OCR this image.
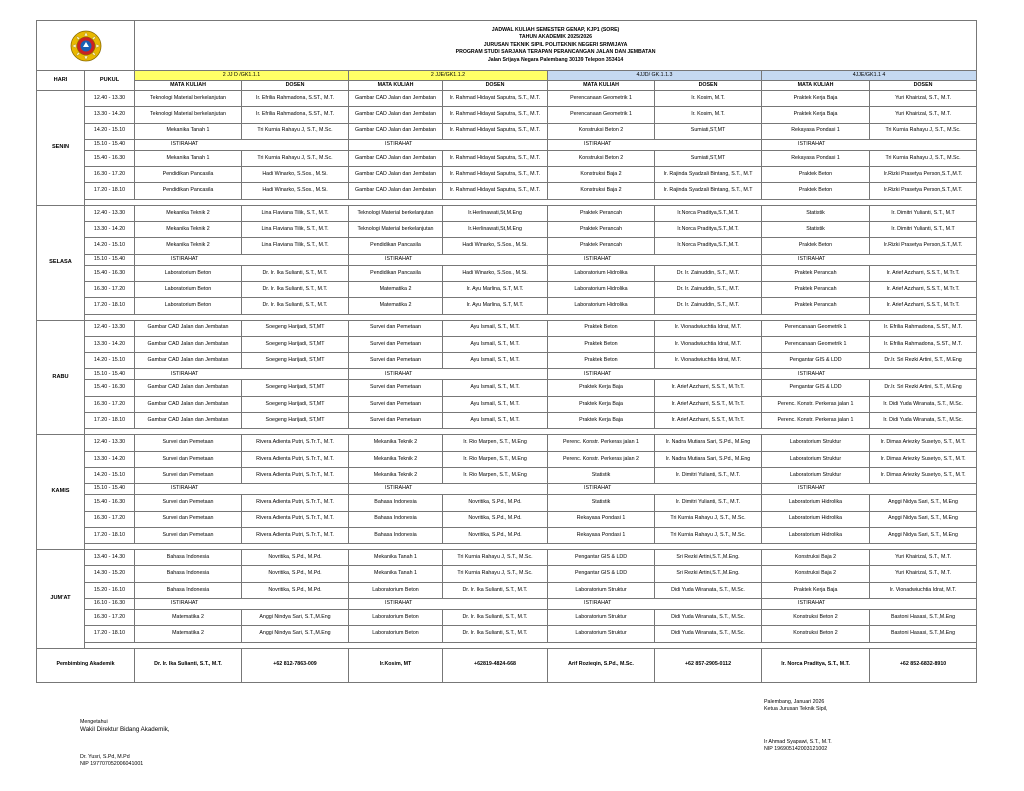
JADWAL KULIAH SEMESTER GENAP, KJP1 (SORE)
TAHUN AKADEMIK 2025/2026
JURUSAN TEKNIK SIPIL POLITEKNIK NEGERI SRIWIJAYA
PROGRAM STUDI SARJANA TERAPAN PERANCANGAN JALAN DAN JEMBATAN
Jalan Srijaya Negara Palembang 30139 Telepon 353414							

HARI	PUKUL	2 JJ D /GK1.1.1		2 JJE/GK1.1.2		4JJD/ GK.1.1.3		4JJE/GK1.1 4	
		MATA KULIAH	DOSEN	MATA KULIAH	DOSEN	MATA KULIAH	DOSEN	MATA KULIAH	DOSEN
SENIN	12.40 - 13.30	Teknologi Material berkelanjutan	Ir. Efrilia Rahmadona, S.ST., M.T.	Gambar CAD Jalan dan Jembatan	Ir. Rahmad Hidayat Saputra, S.T., M.T.	Perencanaan Geometrik 1	Ir. Kosim, M.T.	Praktek Kerja Baja	Yuri Khairizal, S.T., M.T.
	13.30 - 14.20	Teknologi Material berkelanjutan	Ir. Efrilia Rahmadona, S.ST., M.T.	Gambar CAD Jalan dan Jembatan	Ir. Rahmad Hidayat Saputra, S.T., M.T.	Perencanaan Geometrik 1	Ir. Kosim, M.T.	Praktek Kerja Baja	Yuri Khairizal, S.T., M.T.
	14.20 - 15.10	Mekanika Tanah 1	Tri Kurnia Rahayu J, S.T., M.Sc.	Gambar CAD Jalan dan Jembatan	Ir. Rahmad Hidayat Saputra, S.T., M.T.	Konstruksi Beton 2	Sumiati,ST,MT	Rekayasa Pondasi 1	Tri Kurnia Rahayu J, S.T., M.Sc.
	15.10 - 15.40	ISTIRAHAT		ISTIRAHAT		ISTIRAHAT		ISTIRAHAT	
	15.40 - 16.30	Mekanika Tanah 1	Tri Kurnia Rahayu J, S.T., M.Sc.	Gambar CAD Jalan dan Jembatan	Ir. Rahmad Hidayat Saputra, S.T., M.T.	Konstruksi Beton 2	Sumiati,ST,MT	Rekayasa Pondasi 1	Tri Kurnia Rahayu J, S.T., M.Sc.
	16.30 - 17.20	Pendidikan Pancasila	Hadi Winarko, S.Sos., M.Si.	Gambar CAD Jalan dan Jembatan	Ir. Rahmad Hidayat Saputra, S.T., M.T.	Konstruksi Baja 2	Ir. Rajinda Syadzali Bintang, S.T., M.T	Praktek Beton	Ir.Rizki Prasetya Person,S.T.,M.T.
	17.20 - 18.10	Pendidikan Pancasila	Hadi Winarko, S.Sos., M.Si.	Gambar CAD Jalan dan Jembatan	Ir. Rahmad Hidayat Saputra, S.T., M.T.	Konstruksi Baja 2	Ir. Rajinda Syadzali Bintang, S.T., M.T	Praktek Beton	Ir.Rizki Prasetya Person,S.T.,M.T.

SELASA	12.40 - 13.30	Mekanika Teknik 2	Lina Flaviana Tilik, S.T., M.T.	Teknologi Material berkelanjutan	Ir.Herlinawati,St,M.Eng	Praktek Perancah	Ir.Norca Praditya,S.T.,M.T.	Statistik	Ir. Dimitri Yulianti, S.T., M.T
	13.30 - 14.20	Mekanika Teknik 2	Lina Flaviana Tilik, S.T., M.T.	Teknologi Material berkelanjutan	Ir.Herlinawati,St,M.Eng	Praktek Perancah	Ir.Norca Praditya,S.T.,M.T.	Statistik	Ir. Dimitri Yulianti, S.T., M.T
	14.20 - 15.10	Mekanika Teknik 2	Lina Flaviana Tilik, S.T., M.T.	Pendidikan Pancasila	Hadi Winarko, S.Sos., M.Si.	Praktek Perancah	Ir.Norca Praditya,S.T.,M.T.	Praktek Beton	Ir.Rizki Prasetya Person,S.T.,M.T.
	15.10 - 15.40	ISTIRAHAT		ISTIRAHAT		ISTIRAHAT		ISTIRAHAT	
	15.40 - 16.30	Laboratorium Beton	Dr. Ir. Ika Sulianti, S.T., M.T.	Pendidikan Pancasila	Hadi Winarko, S.Sos., M.Si.	Laboratorium Hidrolika	Dr. Ir. Zainuddin, S.T., M.T.	Praktek Perancah	Ir. Arief Azzharri, S.S.T., M.Tr.T.
	16.30 - 17.20	Laboratorium Beton	Dr. Ir. Ika Sulianti, S.T., M.T.	Matematika 2	Ir. Ayu Marlina, S.T, M.T.	Laboratorium Hidrolika	Dr. Ir. Zainuddin, S.T., M.T.	Praktek Perancah	Ir. Arief Azzharri, S.S.T., M.Tr.T.
	17.20 - 18.10	Laboratorium Beton	Dr. Ir. Ika Sulianti, S.T., M.T.	Matematika 2	Ir. Ayu Marlina, S.T, M.T.	Laboratorium Hidrolika	Dr. Ir. Zainuddin, S.T., M.T.	Praktek Perancah	Ir. Arief Azzharri, S.S.T., M.Tr.T.

RABU	12.40 - 13.30	Gambar CAD Jalan dan Jembatan	Soegeng Harijadi, ST,MT	Survei dan Pemetaan	Ayu Ismail, S.T., M.T.	Praktek Beton	Ir. Vionadwiuchtia Idrat, M.T.	Perencanaan Geometrik 1	Ir. Efrilia Rahmadona, S.ST., M.T.
	13.30 - 14.20	Gambar CAD Jalan dan Jembatan	Soegeng Harijadi, ST,MT	Survei dan Pemetaan	Ayu Ismail, S.T., M.T.	Praktek Beton	Ir. Vionadwiuchtia Idrat, M.T.	Perencanaan Geometrik 1	Ir. Efrilia Rahmadona, S.ST., M.T.
	14.20 - 15.10	Gambar CAD Jalan dan Jembatan	Soegeng Harijadi, ST,MT	Survei dan Pemetaan	Ayu Ismail, S.T., M.T.	Praktek Beton	Ir. Vionadwiuchtia Idrat, M.T.	Pengantar GIS & LDD	Dr.Ir. Sri Rezki Artini, S.T., M.Eng
	15.10 - 15.40	ISTIRAHAT		ISTIRAHAT		ISTIRAHAT		ISTIRAHAT	
	15.40 - 16.30	Gambar CAD Jalan dan Jembatan	Soegeng Harijadi, ST,MT	Survei dan Pemetaan	Ayu Ismail, S.T., M.T.	Praktek Kerja Baja	Ir. Arief Azzharri, S.S.T., M.Tr.T.	Pengantar GIS & LDD	Dr.Ir. Sri Rezki Artini, S.T., M.Eng
	16.30 - 17.20	Gambar CAD Jalan dan Jembatan	Soegeng Harijadi, ST,MT	Survei dan Pemetaan	Ayu Ismail, S.T., M.T.	Praktek Kerja Baja	Ir. Arief Azzharri, S.S.T., M.Tr.T.	Perenc. Konstr. Perkeras jalan 1	Ir. Didi Yuda Wiranata, S.T., M.Sc.
	17.20 - 18.10	Gambar CAD Jalan dan Jembatan	Soegeng Harijadi, ST,MT	Survei dan Pemetaan	Ayu Ismail, S.T., M.T.	Praktek Kerja Baja	Ir. Arief Azzharri, S.S.T., M.Tr.T.	Perenc. Konstr. Perkeras jalan 1	Ir. Didi Yuda Wiranata, S.T., M.Sc.

KAMIS	12.40 - 13.30	Survei dan Pemetaan	Rivera Adienta Putri, S.Tr.T., M.T.	Mekanika Teknik 2	Ir. Rio Marpen, S.T., M.Eng	Perenc. Konstr. Perkeras jalan 1	Ir. Nadra Mutiara Sari, S.Pd., M.Eng	Laboratorium Struktur	Ir. Dimas Ariezky Susetyo, S.T., M.T.
	13.30 - 14.20	Survei dan Pemetaan	Rivera Adienta Putri, S.Tr.T., M.T.	Mekanika Teknik 2	Ir. Rio Marpen, S.T., M.Eng	Perenc. Konstr. Perkeras jalan 2	Ir. Nadra Mutiara Sari, S.Pd., M.Eng	Laboratorium Struktur	Ir. Dimas Ariezky Susetyo, S.T., M.T.
	14.20 - 15.10	Survei dan Pemetaan	Rivera Adienta Putri, S.Tr.T., M.T.	Mekanika Teknik 2	Ir. Rio Marpen, S.T., M.Eng	Statistik	Ir. Dimitri Yulianti, S.T., M.T.	Laboratorium Struktur	Ir. Dimas Ariezky Susetyo, S.T., M.T.
	15.10 - 15.40	ISTIRAHAT		ISTIRAHAT		ISTIRAHAT		ISTIRAHAT	
	15.40 - 16.30	Survei dan Pemetaan	Rivera Adienta Putri, S.Tr.T., M.T.	Bahasa Indonesia	Novritika, S.Pd., M.Pd.	Statistik	Ir. Dimitri Yulianti, S.T., M.T.	Laboratorium Hidrolika	Anggi Nidya Sari, S.T., M.Eng
	16.30 - 17.20	Survei dan Pemetaan	Rivera Adienta Putri, S.Tr.T., M.T.	Bahasa Indonesia	Novritika, S.Pd., M.Pd.	Rekayasa Pondasi 1	Tri Kurnia Rahayu J, S.T., M.Sc.	Laboratorium Hidrolika	Anggi Nidya Sari, S.T., M.Eng
	17.20 - 18.10	Survei dan Pemetaan	Rivera Adienta Putri, S.Tr.T., M.T.	Bahasa Indonesia	Novritika, S.Pd., M.Pd.	Rekayasa Pondasi 1	Tri Kurnia Rahayu J, S.T., M.Sc.	Laboratorium Hidrolika	Anggi Nidya Sari, S.T., M.Eng

JUM'AT	13.40 - 14.30	Bahasa Indonesia	Novritika, S.Pd., M.Pd.	Mekanika Tanah 1	Tri Kurnia Rahayu J, S.T., M.Sc.	Pengantar GIS & LDD	Sri Rezki Artini,S.T.,M.Eng.	Konstruksi Baja 2	Yuri Khairizal, S.T., M.T.
	14.30 - 15.20	Bahasa Indonesia	Novritika, S.Pd., M.Pd.	Mekanika Tanah 1	Tri Kurnia Rahayu J, S.T., M.Sc.	Pengantar GIS & LDD	Sri Rezki Artini,S.T.,M.Eng.	Konstruksi Baja 2	Yuri Khairizal, S.T., M.T.
	15.20 - 16.10	Bahasa Indonesia	Novritika, S.Pd., M.Pd.	Laboratorium Beton	Dr. Ir. Ika Sulianti, S.T., M.T.	Laboratorium Struktur	Didi Yuda Wiranata, S.T., M.Sc.	Praktek Kerja Baja	Ir. Vionadwiuchtia Idrat, M.T.
	16.10 - 16.30	ISTIRAHAT		ISTIRAHAT		ISTIRAHAT		ISTIRAHAT	
	16.30 - 17.20	Matematika 2	Anggi Nindya Sari, S.T.,M.Eng	Laboratorium Beton	Dr. Ir. Ika Sulianti, S.T., M.T.	Laboratorium Struktur	Didi Yuda Wiranata, S.T., M.Sc.	Konstruksi Beton 2	Bastoni Hasasi, S.T.,M.Eng
	17.20 - 18.10	Matematika 2	Anggi Nindya Sari, S.T.,M.Eng	Laboratorium Beton	Dr. Ir. Ika Sulianti, S.T., M.T.	Laboratorium Struktur	Didi Yuda Wiranata, S.T., M.Sc.	Konstruksi Beton 2	Bastoni Hasasi, S.T.,M.Eng

Pembimbing Akademik		Dr. Ir. Ika Sulianti, S.T., M.T.	+62 812-7863-009	Ir.Kosim, MT	+62819-4824-668	Arif Rozieqin, S.Pd., M.Sc.	+62 857-2905-0112	Ir. Norca Praditya, S.T., M.T.	+62 852-6832-8910
Mengetahui
Wakil Direktur Bidang Akademik,
Dr. Yusri, S.Pd, M.Pd
NIP 197707052006041001
Palembang, Januari 2026
Ketua Jurusan Teknik Sipil,
Ir Ahmad Syapawi, S.T., M.T.
NIP 196905142003121002
